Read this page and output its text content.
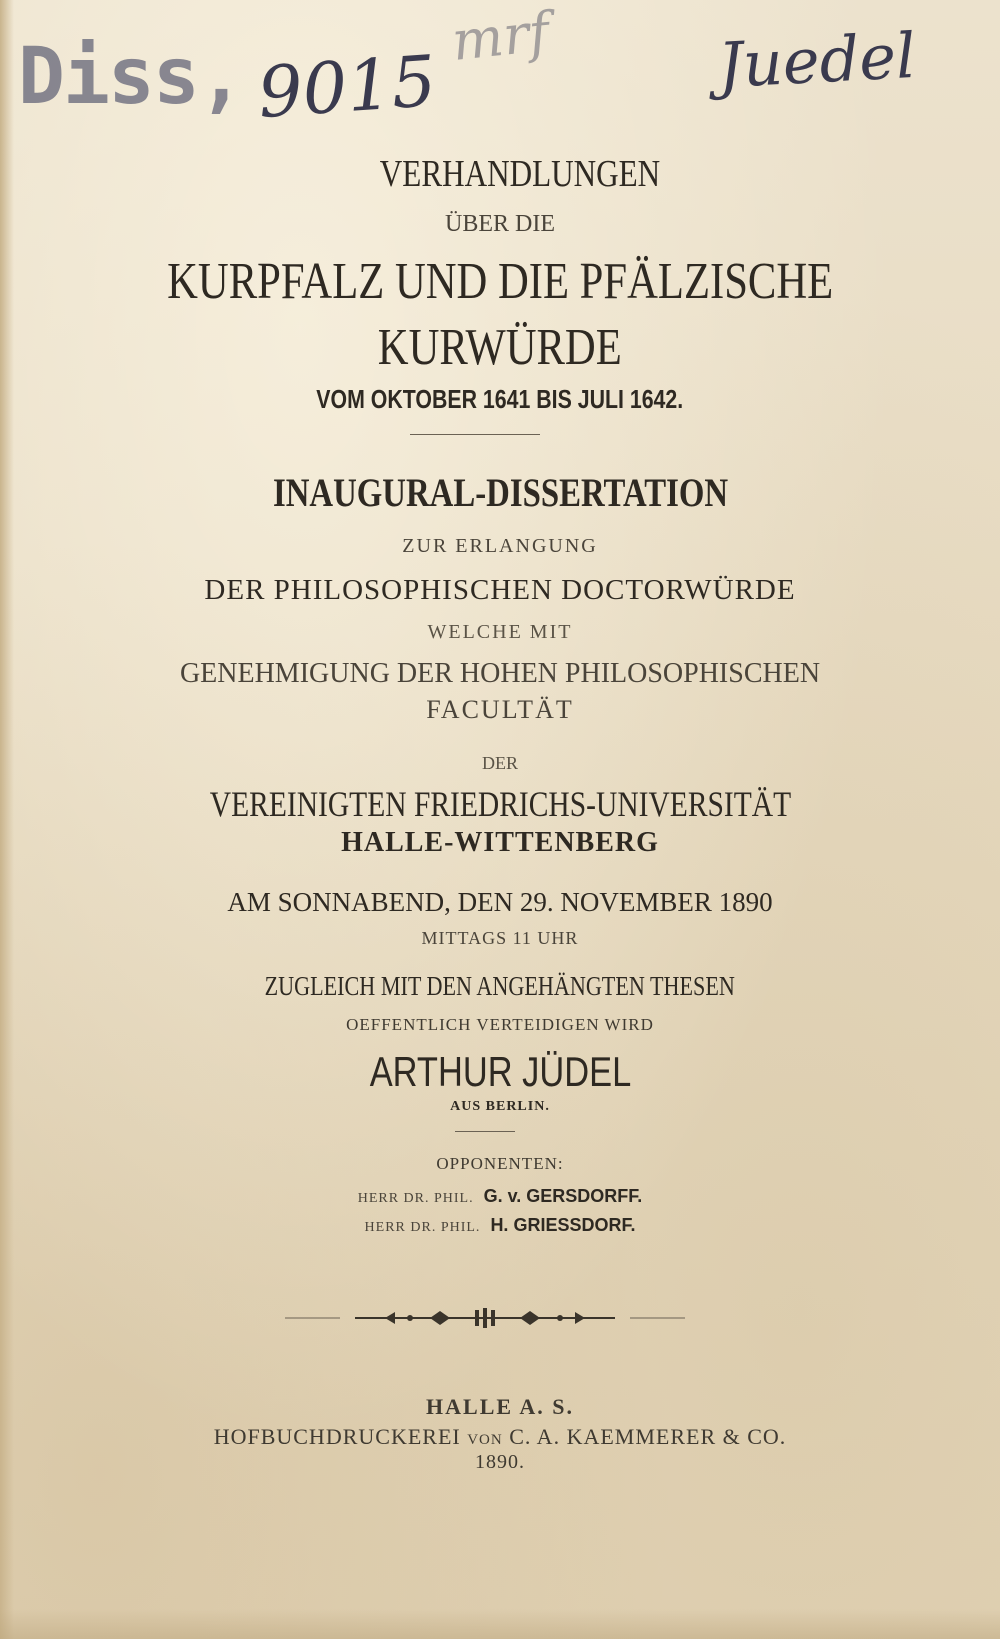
Diss, 9015
mrf	Juedel
VERHANDLUNGEN
ÜBER DIE
KURPFALZ UND DIE PFÄLZISCHE
KURWÜRDE
VOM OKTOBER 1641 BIS JULI 1642.
INAUGURAL-DISSERTATION
ZUR ERLANGUNG
DER PHILOSOPHISCHEN DOCTORWÜRDE
WELCHE MIT
GENEHMIGUNG DER HOHEN PHILOSOPHISCHEN
FACULTÄT
DER
VEREINIGTEN FRIEDRICHS-UNIVERSITÄT
HALLE-WITTENBERG
AM SONNABEND, DEN 29. NOVEMBER 1890
MITTAGS 11 UHR
ZUGLEICH MIT DEN ANGEHÄNGTEN THESEN
OEFFENTLICH VERTEIDIGEN WIRD
ARTHUR JÜDEL
AUS BERLIN.
OPPONENTEN:
HERR DR. PHIL. G. v. GERSDORFF.
HERR DR. PHIL. H. GRIESSDORF.
HALLE A. S.
HOFBUCHDRUCKEREI VON C. A. KAEMMERER & CO.
1890.
